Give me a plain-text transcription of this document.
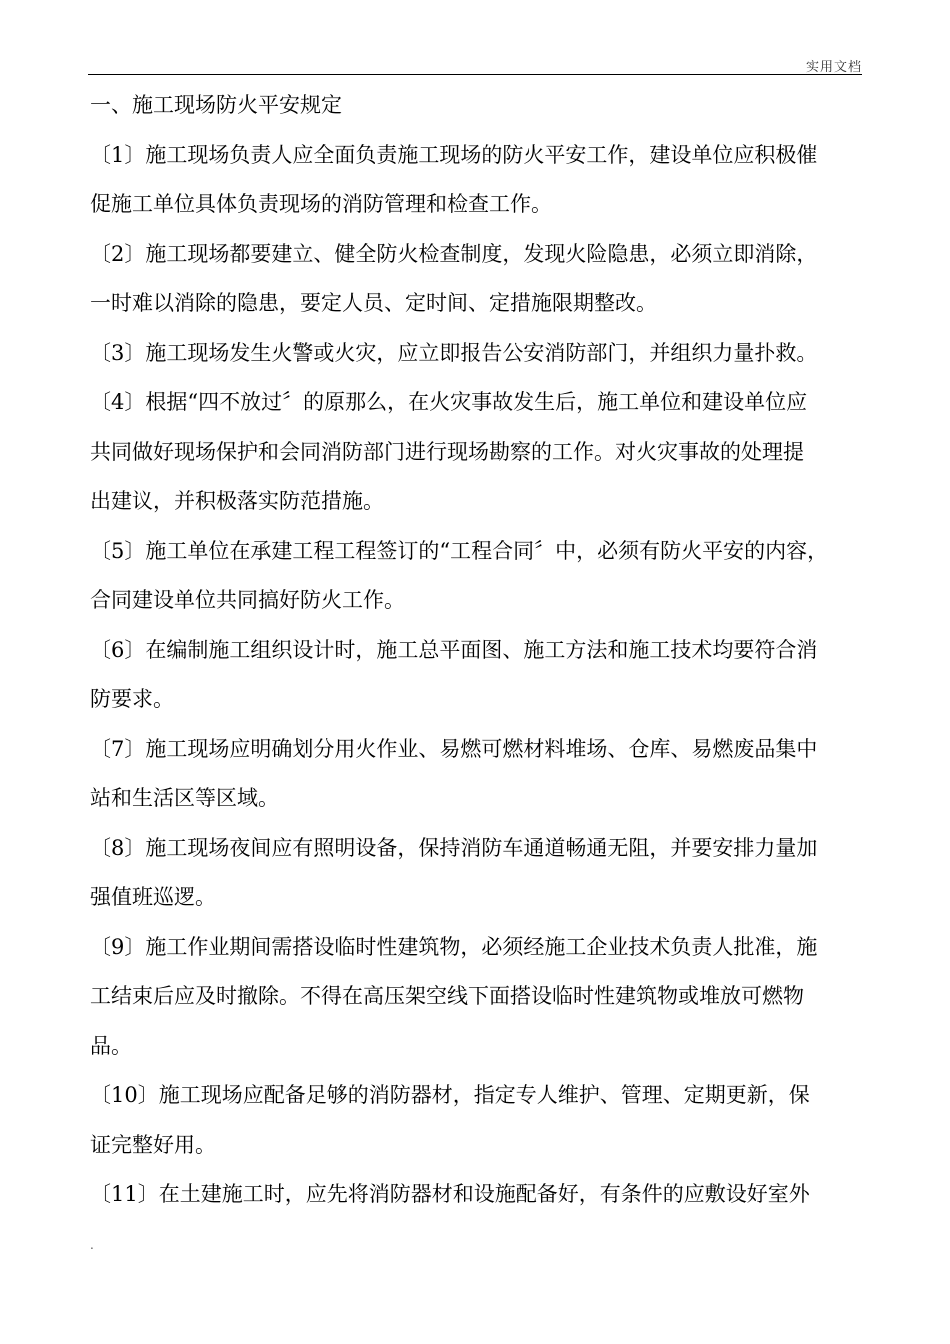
实用文档

一、施工现场防火平安规定

〔1〕施工现场负责人应全面负责施工现场的防火平安工作，建设单位应积极催

促施工单位具体负责现场的消防管理和检查工作。

〔2〕施工现场都要建立、健全防火检查制度，发现火险隐患，必须立即消除，

一时难以消除的隐患，要定人员、定时间、定措施限期整改。

〔3〕施工现场发生火警或火灾，应立即报告公安消防部门，并组织力量扑救。

〔4〕根据“四不放过〞的原那么，在火灾事故发生后，施工单位和建设单位应

共同做好现场保护和会同消防部门进行现场勘察的工作。对火灾事故的处理提

出建议，并积极落实防范措施。

〔5〕施工单位在承建工程工程签订的“工程合同〞中，必须有防火平安的内容，

合同建设单位共同搞好防火工作。

〔6〕在编制施工组织设计时，施工总平面图、施工方法和施工技术均要符合消

防要求。

〔7〕施工现场应明确划分用火作业、易燃可燃材料堆场、仓库、易燃废品集中

站和生活区等区域。

〔8〕施工现场夜间应有照明设备，保持消防车通道畅通无阻，并要安排力量加

强值班巡逻。

〔9〕施工作业期间需搭设临时性建筑物，必须经施工企业技术负责人批准，施

工结束后应及时撤除。不得在高压架空线下面搭设临时性建筑物或堆放可燃物

品。

〔10〕施工现场应配备足够的消防器材，指定专人维护、管理、定期更新，保

证完整好用。

〔11〕在土建施工时，应先将消防器材和设施配备好，有条件的应敷设好室外

.
